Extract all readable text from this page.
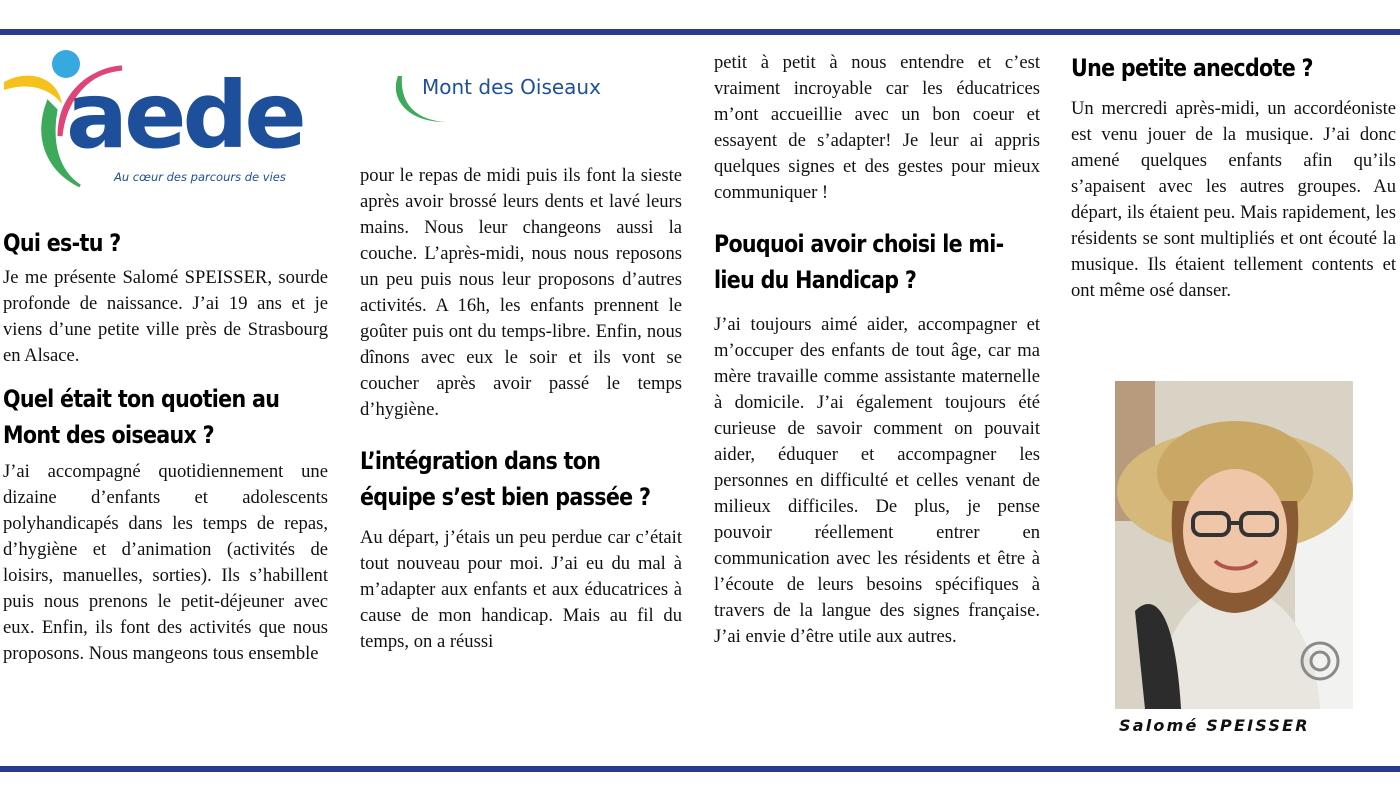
aede
Au cœur des parcours de vies
Mont des Oiseaux
Qui es-tu ?

Je me présente Salomé SPEISSER, sourde profonde de naissance. J’ai 19 ans et je viens d’une petite ville près de Strasbourg en Alsace.

Quel était ton quotien au
Mont des oiseaux ?

J’ai accompagné quotidiennement une dizaine d’enfants et adolescents polyhandicapés dans les temps de repas, d’hygiène et d’animation (activités de loisirs, manuelles, sorties). Ils s’habillent puis nous prenons le petit-déjeuner avec eux. Enfin, ils font des activités que nous proposons. Nous mangeons tous ensemble

pour le repas de midi puis ils font la sieste après avoir brossé leurs dents et lavé leurs mains. Nous leur changeons aussi la couche. L’après-midi, nous nous reposons un peu puis nous leur proposons d’autres activités. A 16h, les enfants prennent le goûter puis ont du temps-libre. Enfin, nous dînons avec eux le soir et ils vont se coucher après avoir passé le temps d’hygiène.

L’intégration dans ton
équipe s’est bien passée ?

Au départ, j’étais un peu perdue car c’était tout nouveau pour moi. J’ai eu du mal à m’adapter aux enfants et aux éducatrices à cause de mon handicap. Mais au fil du temps, on a réussi

petit à petit à nous entendre et c’est vraiment incroyable car les éducatrices m’ont accueillie avec un bon coeur et essayent de s’adapter! Je leur ai appris quelques signes et des gestes pour mieux communiquer !

Pouquoi avoir choisi le mi-
lieu du Handicap ?

J’ai toujours aimé aider, accompagner et m’occuper des enfants de tout âge, car ma mère travaille comme assistante maternelle à domicile. J’ai également toujours été curieuse de savoir comment on pouvait aider, éduquer et accompagner les personnes en difficulté et celles venant de milieux difficiles. De plus, je pense pouvoir réellement entrer en communication avec les résidents et être à l’écoute de leurs besoins spécifiques à travers de la langue des signes française. J’ai envie d’être utile aux autres.

Une petite anecdote ?

Un mercredi après-midi, un accordéoniste est venu jouer de la musique. J’ai donc amené quelques enfants afin qu’ils s’apaisent avec les autres groupes. Au départ, ils étaient peu. Mais rapidement, les résidents se sont multipliés et ont écouté la musique. Ils étaient tellement contents et ont même osé danser.

Salomé SPEISSER
